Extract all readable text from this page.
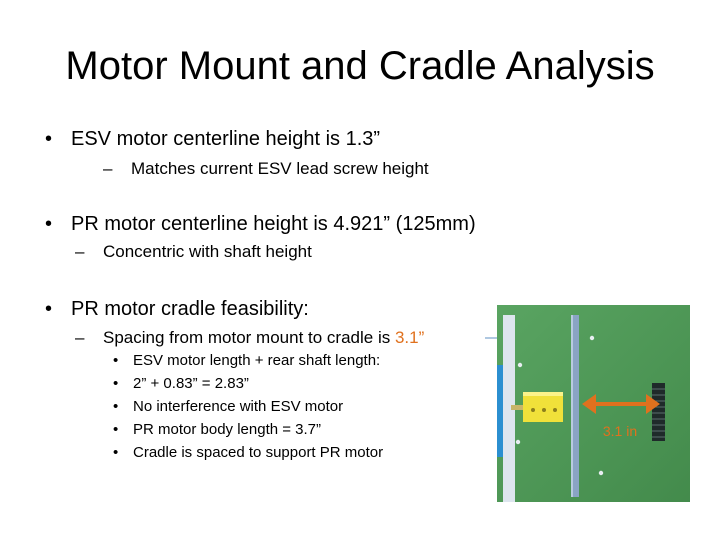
Motor Mount and Cradle Analysis
• ESV motor centerline height is 1.3”
– Matches current ESV lead screw height
• PR motor centerline height is 4.921” (125mm)
– Concentric with shaft height
• PR motor cradle feasibility:
– Spacing from motor mount to cradle is 3.1”
• ESV motor length + rear shaft length:
• 2” + 0.83” = 2.83”
• No interference with ESV motor
• PR motor body length = 3.7”
• Cradle is spaced to support PR motor
3.1 in
